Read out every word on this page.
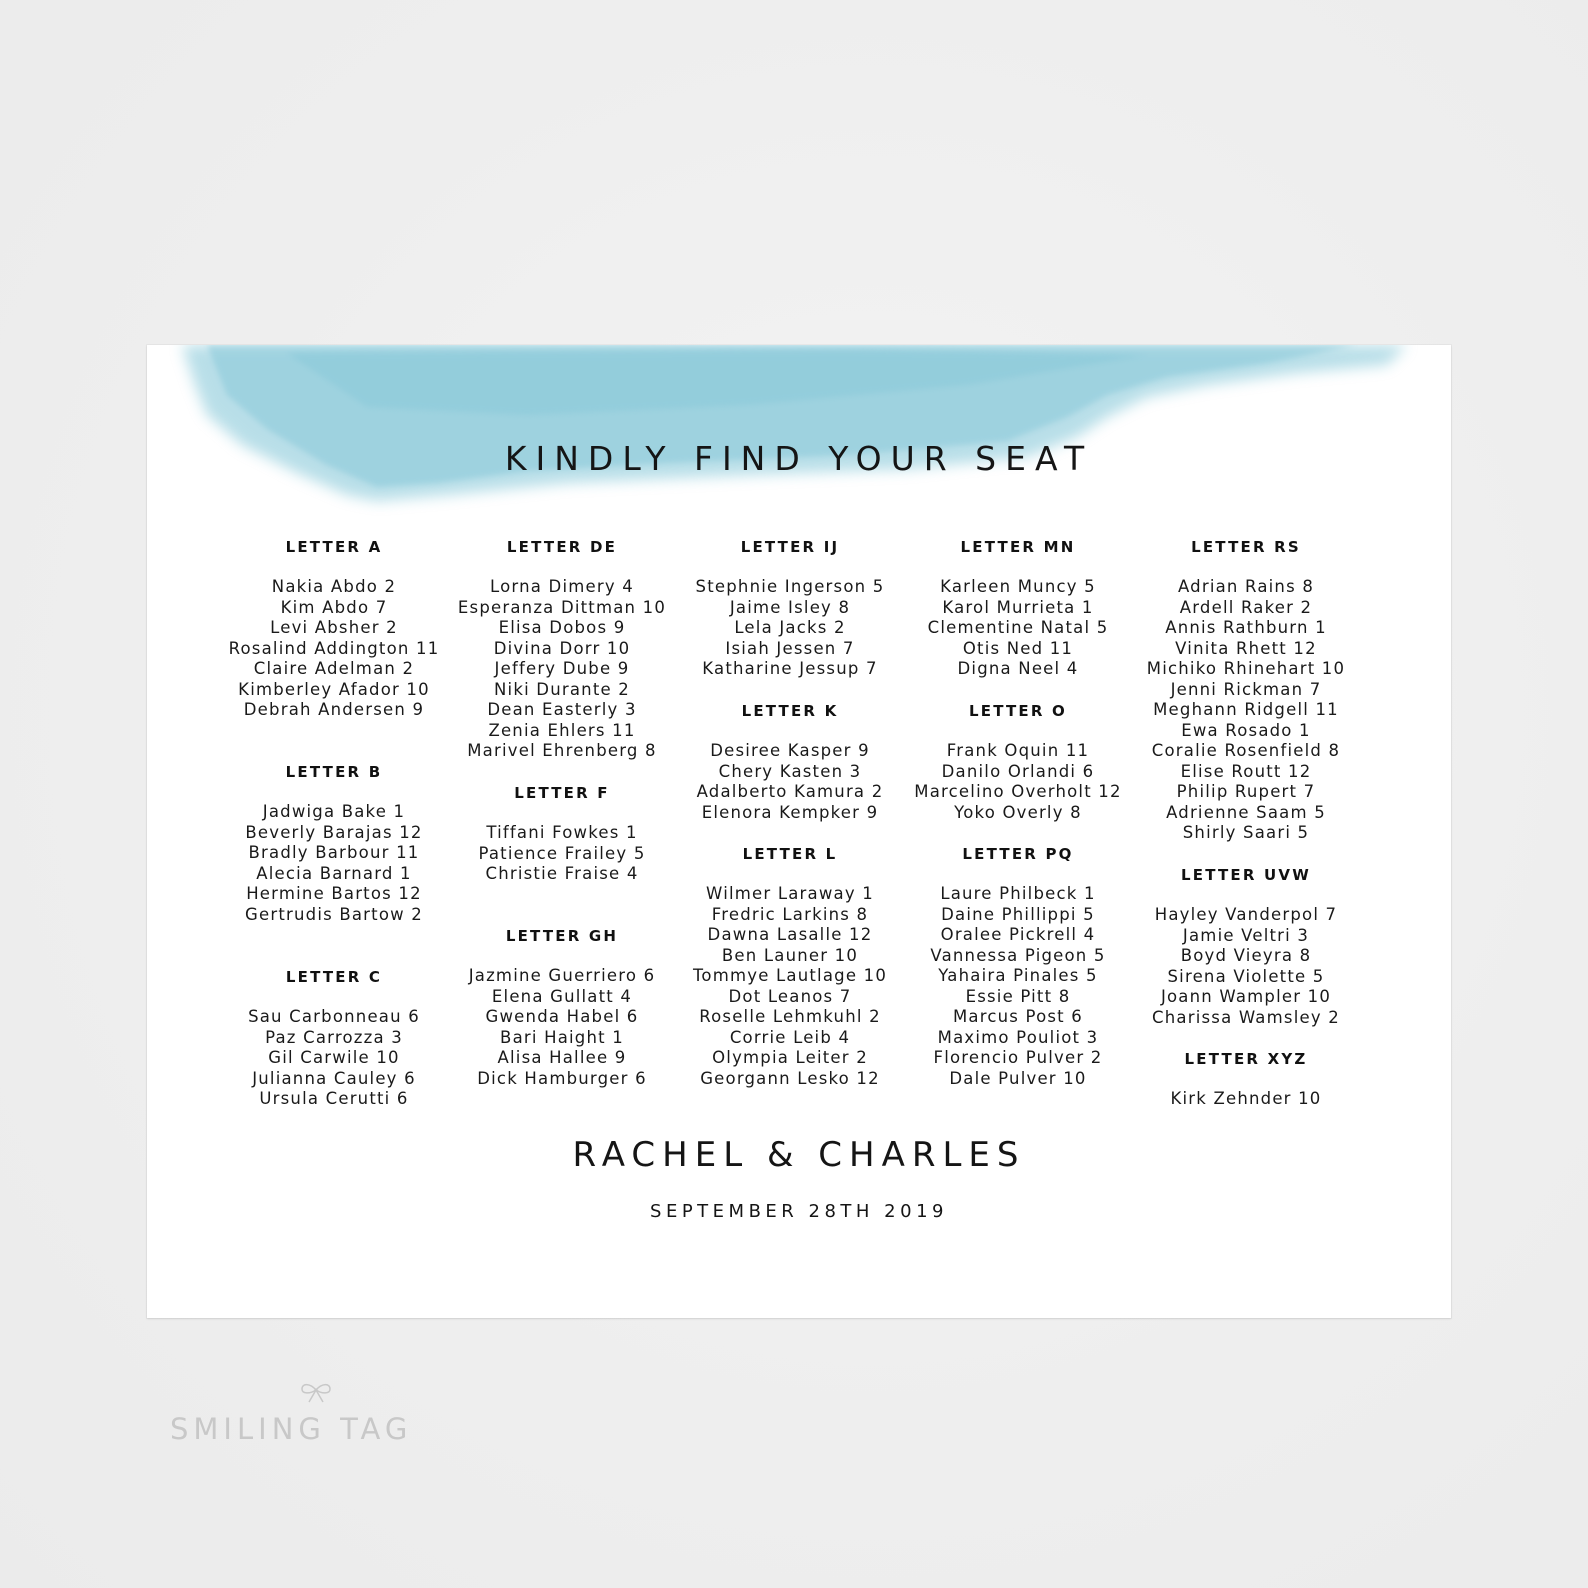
KINDLY FIND YOUR SEAT
LETTER A
Nakia Abdo 2
Kim Abdo 7
Levi Absher 2
Rosalind Addington 11
Claire Adelman 2
Kimberley Afador 10
Debrah Andersen 9
LETTER B
Jadwiga Bake 1
Beverly Barajas 12
Bradly Barbour 11
Alecia Barnard 1
Hermine Bartos 12
Gertrudis Bartow 2
LETTER C
Sau Carbonneau 6
Paz Carrozza 3
Gil Carwile 10
Julianna Cauley 6
Ursula Cerutti 6
LETTER DE
Lorna Dimery 4
Esperanza Dittman 10
Elisa Dobos 9
Divina Dorr 10
Jeffery Dube 9
Niki Durante 2
Dean Easterly 3
Zenia Ehlers 11
Marivel Ehrenberg 8
LETTER F
Tiffani Fowkes 1
Patience Frailey 5
Christie Fraise 4
LETTER GH
Jazmine Guerriero 6
Elena Gullatt 4
Gwenda Habel 6
Bari Haight 1
Alisa Hallee 9
Dick Hamburger 6
LETTER IJ
Stephnie Ingerson 5
Jaime Isley 8
Lela Jacks 2
Isiah Jessen 7
Katharine Jessup 7
LETTER K
Desiree Kasper 9
Chery Kasten 3
Adalberto Kamura 2
Elenora Kempker 9
LETTER L
Wilmer Laraway 1
Fredric Larkins 8
Dawna Lasalle 12
Ben Launer 10
Tommye Lautlage 10
Dot Leanos 7
Roselle Lehmkuhl 2
Corrie Leib 4
Olympia Leiter 2
Georgann Lesko 12
LETTER MN
Karleen Muncy 5
Karol Murrieta 1
Clementine Natal 5
Otis Ned 11
Digna Neel 4
LETTER O
Frank Oquin 11
Danilo Orlandi 6
Marcelino Overholt 12
Yoko Overly 8
LETTER PQ
Laure Philbeck 1
Daine Phillippi 5
Oralee Pickrell 4
Vannessa Pigeon 5
Yahaira Pinales 5
Essie Pitt 8
Marcus Post 6
Maximo Pouliot 3
Florencio Pulver 2
Dale Pulver 10
LETTER RS
Adrian Rains 8
Ardell Raker 2
Annis Rathburn 1
Vinita Rhett 12
Michiko Rhinehart 10
Jenni Rickman 7
Meghann Ridgell 11
Ewa Rosado 1
Coralie Rosenfield 8
Elise Routt 12
Philip Rupert 7
Adrienne Saam 5
Shirly Saari 5
LETTER UVW
Hayley Vanderpol 7
Jamie Veltri 3
Boyd Vieyra 8
Sirena Violette 5
Joann Wampler 10
Charissa Wamsley 2
LETTER XYZ
Kirk Zehnder 10
RACHEL & CHARLES
SEPTEMBER 28TH 2019
SMILING TAG
